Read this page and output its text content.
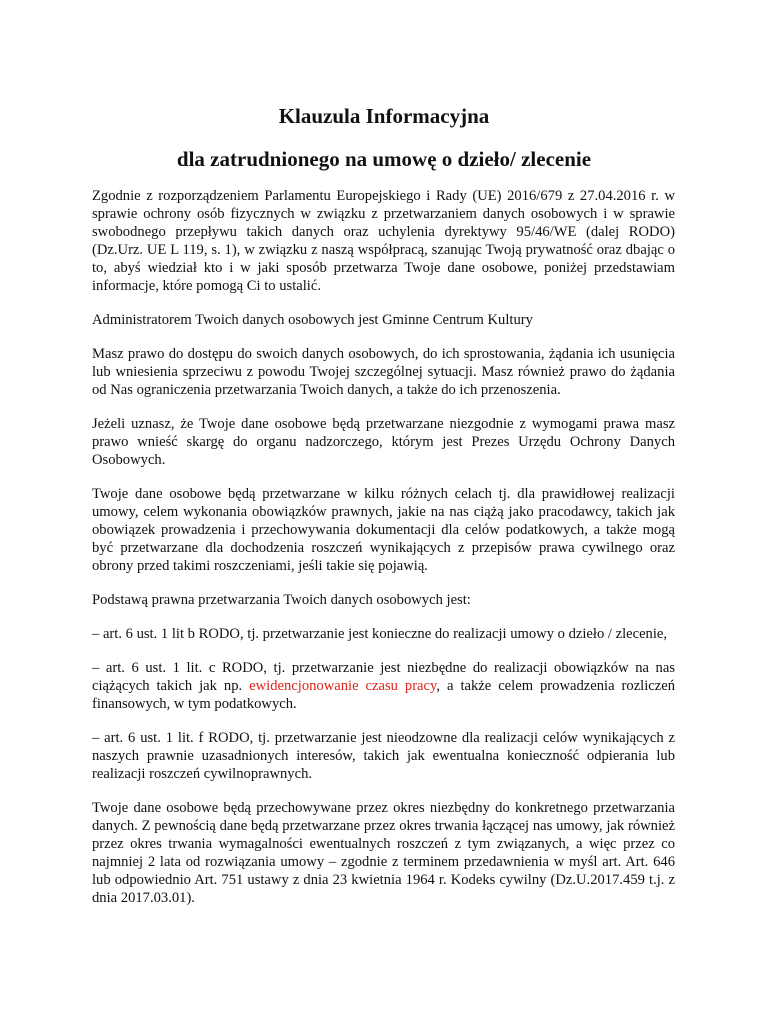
Klauzula Informacyjna
dla zatrudnionego na umowę o dzieło/ zlecenie

Zgodnie z rozporządzeniem Parlamentu Europejskiego i Rady (UE) 2016/679 z 27.04.2016 r. w sprawie ochrony osób fizycznych w związku z przetwarzaniem danych osobowych i w sprawie swobodnego przepływu takich danych oraz uchylenia dyrektywy 95/46/WE (dalej RODO) (Dz.Urz. UE L 119, s. 1), w związku z naszą współpracą, szanując Twoją prywatność oraz dbając o to, abyś wiedział kto i w jaki sposób przetwarza Twoje dane osobowe, poniżej przedstawiam informacje, które pomogą Ci to ustalić.

Administratorem Twoich danych osobowych jest Gminne Centrum Kultury

Masz prawo do dostępu do swoich danych osobowych, do ich sprostowania, żądania ich usunięcia lub wniesienia sprzeciwu z powodu Twojej szczególnej sytuacji. Masz również prawo do żądania od Nas ograniczenia przetwarzania Twoich danych, a także do ich przenoszenia.

Jeżeli uznasz, że Twoje dane osobowe będą przetwarzane niezgodnie z wymogami prawa masz prawo wnieść skargę do organu nadzorczego, którym jest Prezes Urzędu Ochrony Danych Osobowych.

Twoje dane osobowe będą przetwarzane w kilku różnych celach tj. dla prawidłowej realizacji umowy, celem wykonania obowiązków prawnych, jakie na nas ciążą jako pracodawcy, takich jak obowiązek prowadzenia i przechowywania dokumentacji dla celów podatkowych, a także mogą być przetwarzane dla dochodzenia roszczeń wynikających z przepisów prawa cywilnego oraz obrony przed takimi roszczeniami, jeśli takie się pojawią.

Podstawą prawna przetwarzania Twoich danych osobowych jest:

– art. 6 ust. 1 lit b RODO, tj. przetwarzanie jest konieczne do realizacji umowy o dzieło / zlecenie,

– art. 6 ust. 1 lit. c RODO, tj. przetwarzanie jest niezbędne do realizacji obowiązków na nas ciążących takich jak np. ewidencjonowanie czasu pracy, a także celem prowadzenia rozliczeń finansowych, w tym podatkowych.

– art. 6 ust. 1 lit. f RODO, tj. przetwarzanie jest nieodzowne dla realizacji celów wynikających z naszych prawnie uzasadnionych interesów, takich jak ewentualna konieczność odpierania lub realizacji roszczeń cywilnoprawnych.

Twoje dane osobowe będą przechowywane przez okres niezbędny do konkretnego przetwarzania danych. Z pewnością dane będą przetwarzane przez okres trwania łączącej nas umowy, jak również przez okres trwania wymagalności ewentualnych roszczeń z tym związanych, a więc przez co najmniej 2 lata od rozwiązania umowy – zgodnie z terminem przedawnienia w myśl art. Art. 646 lub odpowiednio Art. 751 ustawy z dnia 23 kwietnia 1964 r. Kodeks cywilny (Dz.U.2017.459 t.j. z dnia 2017.03.01).
